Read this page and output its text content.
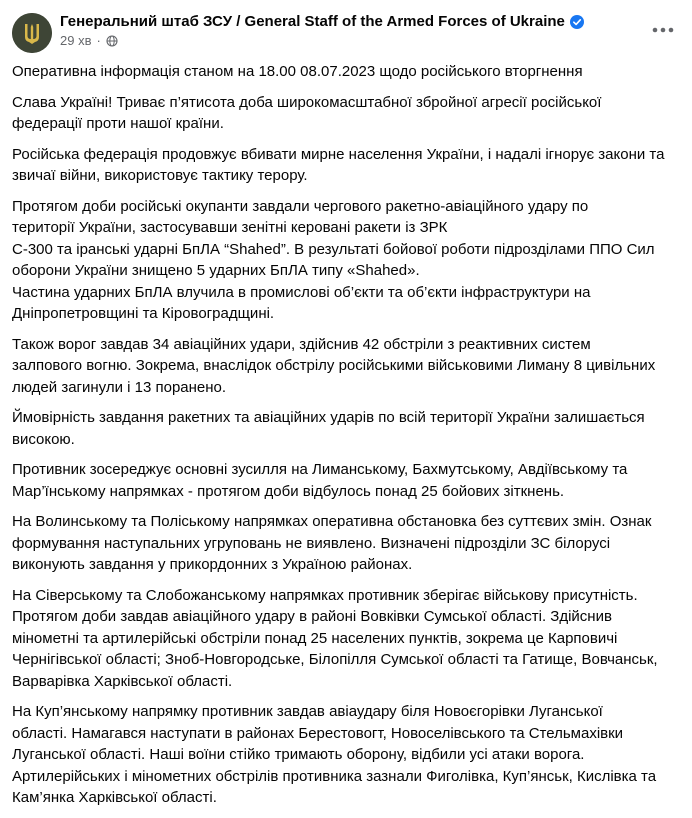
Генеральний штаб ЗСУ / General Staff of the Armed Forces of Ukraine
29 хв ·

Оперативна інформація станом на 18.00 08.07.2023 щодо російського вторгнення

Слава Україні! Триває п’ятисота доба широкомасштабної збройної агресії російської
федерації проти нашої країни.

Російська федерація продовжує вбивати мирне населення України, і надалі ігнорує закони та
звичаї війни, використовує тактику терору.

Протягом доби російські окупанти завдали чергового ракетно-авіаційного удару по
території України, застосувавши зенітні керовані ракети із ЗРК
С-300 та іранські ударні БпЛА “Shahed”. В результаті бойової роботи підрозділами ППО Сил
оборони України знищено 5 ударних БпЛА типу «Shahed».
Частина ударних БпЛА влучила в промислові об’єкти та об’єкти інфраструктури на
Дніпропетровщині та Кіровоградщині.

Також ворог завдав 34 авіаційних удари, здійснив 42 обстріли з реактивних систем
залпового вогню. Зокрема, внаслідок обстрілу російськими військовими Лиману 8 цивільних
людей загинули і 13 поранено.

Ймовірність завдання ракетних та авіаційних ударів по всій території України залишається
високою.

Противник зосереджує основні зусилля на Лиманському, Бахмутському, Авдіївському та
Мар’їнському напрямках - протягом доби відбулось понад 25 бойових зіткнень.

На Волинському та Поліському напрямках оперативна обстановка без суттєвих змін. Ознак
формування наступальних угруповань не виявлено. Визначені підрозділи ЗС білорусі
виконують завдання у прикордонних з Україною районах.

На Сіверському та Слобожанському напрямках противник зберігає військову присутність.
Протягом доби завдав авіаційного удару в районі Вовківки Сумської області. Здійснив
мінометні та артилерійські обстріли понад 25 населених пунктів, зокрема це Карповичі
Чернігівської області; Зноб-Новгородське, Білопілля Сумської області та Гатище, Вовчанськ,
Варварівка Харківської області.

На Куп’янському напрямку противник завдав авіаудару біля Новоєгорівки Луганської
області. Намагався наступати в районах Берестовогт, Новоселівського та Стельмахівки
Луганської області. Наші воїни стійко тримають оборону, відбили усі атаки ворога.
Артилерійських і мінометних обстрілів противника зазнали Фиголівка, Куп’янськ, Кислівка та
Кам’янка Харківської області.
